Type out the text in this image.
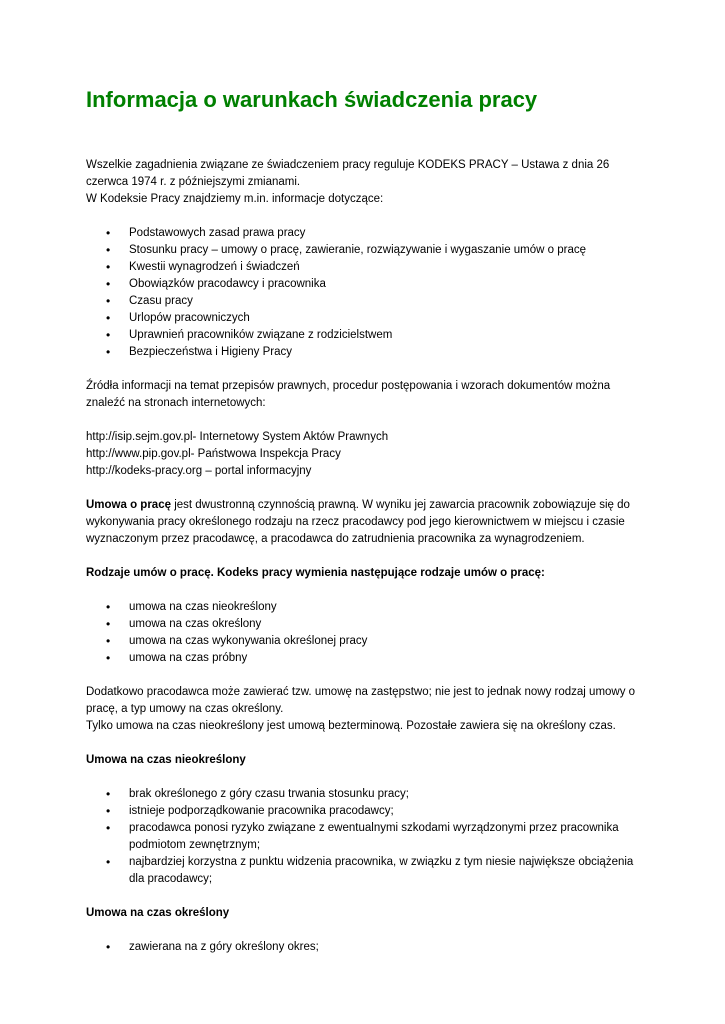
Informacja o warunkach świadczenia pracy

Wszelkie zagadnienia związane ze świadczeniem pracy reguluje KODEKS PRACY – Ustawa z dnia 26 czerwca 1974 r. z późniejszymi zmianami.

W Kodeksie Pracy znajdziemy m.in. informacje dotyczące:

• Podstawowych zasad prawa pracy
• Stosunku pracy – umowy o pracę, zawieranie, rozwiązywanie i wygaszanie umów o pracę
• Kwestii wynagrodzeń i świadczeń
• Obowiązków pracodawcy i pracownika
• Czasu pracy
• Urlopów pracowniczych
• Uprawnień pracowników związane z rodzicielstwem
• Bezpieczeństwa i Higieny Pracy

Źródła informacji na temat przepisów prawnych, procedur postępowania i wzorach dokumentów można znaleźć na stronach internetowych:

http://isip.sejm.gov.pl- Internetowy System Aktów Prawnych
http://www.pip.gov.pl- Państwowa Inspekcja Pracy
http://kodeks-pracy.org – portal informacyjny

Umowa o pracę jest dwustronną czynnością prawną. W wyniku jej zawarcia pracownik zobowiązuje się do wykonywania pracy określonego rodzaju na rzecz pracodawcy pod jego kierownictwem w miejscu i czasie wyznaczonym przez pracodawcę, a pracodawca do zatrudnienia pracownika za wynagrodzeniem.

Rodzaje umów o pracę. Kodeks pracy wymienia następujące rodzaje umów o pracę:

• umowa na czas nieokreślony
• umowa na czas określony
• umowa na czas wykonywania określonej pracy
• umowa na czas próbny

Dodatkowo pracodawca może zawierać tzw. umowę na zastępstwo; nie jest to jednak nowy rodzaj umowy o pracę, a typ umowy na czas określony.

Tylko umowa na czas nieokreślony jest umową bezterminową. Pozostałe zawiera się na określony czas.

Umowa na czas nieokreślony

• brak określonego z góry czasu trwania stosunku pracy;
• istnieje podporządkowanie pracownika pracodawcy;
• pracodawca ponosi ryzyko związane z ewentualnymi szkodami wyrządzonymi przez pracownika podmiotom zewnętrznym;
• najbardziej korzystna z punktu widzenia pracownika, w związku z tym niesie największe obciążenia dla pracodawcy;

Umowa na czas określony

• zawierana na z góry określony okres;
